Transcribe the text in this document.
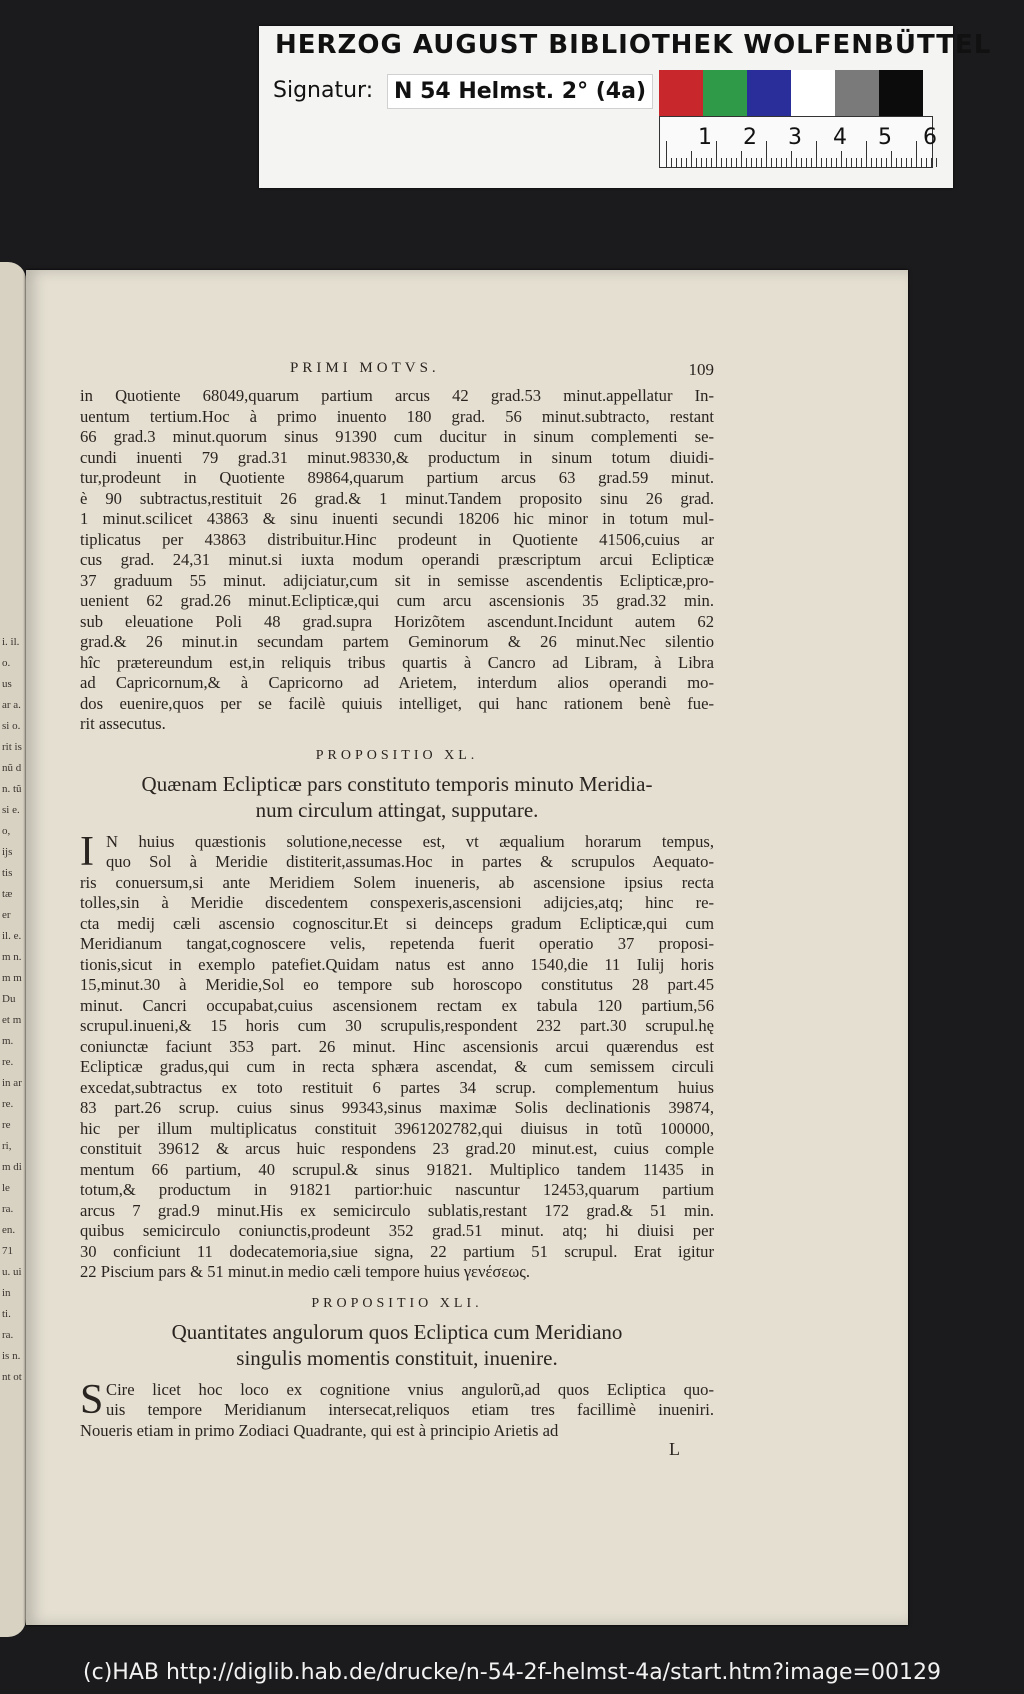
HERZOG AUGUST BIBLIOTHEK WOLFENBÜTTEL
Signatur: N 54 Helmst. 2° (4a)
1 2 3 4 5 6
i. il. o. us ar a. si o. rit is nũ d n. tũ si e. o, ijs tis tæ er il. e. m n. m m Du et m m. re. in ar re. re ri, m di le ra. en. 71 u. ui in ti. ra. is n. nt ot
PRIMI MOTVS.	109
in Quotiente 68049,quarum partium arcus 42 grad.53 minut.appellatur In-
uentum tertium.Hoc à primo inuento 180 grad. 56 minut.subtracto, restant
66 grad.3 minut.quorum sinus 91390 cum ducitur in sinum complementi se-
cundi inuenti 79 grad.31 minut.98330,& productum in sinum totum diuidi-
tur,prodeunt in Quotiente 89864,quarum partium arcus 63 grad.59 minut.
è 90 subtractus,restituit 26 grad.& 1 minut.Tandem proposito sinu 26 grad.
1 minut.scilicet 43863 & sinu inuenti secundi 18206 hic minor in totum mul-
tiplicatus per 43863 distribuitur.Hinc prodeunt in Quotiente 41506,cuius ar
cus grad. 24,31 minut.si iuxta modum operandi præscriptum arcui Eclipticæ
37 graduum 55 minut. adijciatur,cum sit in semisse ascendentis Eclipticæ,pro-
uenient 62 grad.26 minut.Eclipticæ,qui cum arcu ascensionis 35 grad.32 min.
sub eleuatione Poli 48 grad.supra Horizõtem ascendunt.Incidunt autem 62
grad.& 26 minut.in secundam partem Geminorum & 26 minut.Nec silentio
hîc prætereundum est,in reliquis tribus quartis à Cancro ad Libram, à Libra
ad Capricornum,& à Capricorno ad Arietem, interdum alios operandi mo-
dos euenire,quos per se facilè quiuis intelliget, qui hanc rationem benè fue-
rit assecutus.
PROPOSITIO XL.
Quænam Eclipticæ pars constituto temporis minuto Meridia-
num circulum attingat, supputare.
I N huius quæstionis solutione,necesse est, vt æqualium horarum tempus,
quo Sol à Meridie distiterit,assumas.Hoc in partes & scrupulos Aequato-
ris conuersum,si ante Meridiem Solem inueneris, ab ascensione ipsius recta
tolles,sin à Meridie discedentem conspexeris,ascensioni adijcies,atq; hinc re-
cta medij cæli ascensio cognoscitur.Et si deinceps gradum Eclipticæ,qui cum
Meridianum tangat,cognoscere velis, repetenda fuerit operatio 37 proposi-
tionis,sicut in exemplo patefiet.Quidam natus est anno 1540,die 11 Iulij horis
15,minut.30 à Meridie,Sol eo tempore sub horoscopo constitutus 28 part.45
minut. Cancri occupabat,cuius ascensionem rectam ex tabula 120 partium,56
scrupul.inueni,& 15 horis cum 30 scrupulis,respondent 232 part.30 scrupul.hę
coniunctæ faciunt 353 part. 26 minut. Hinc ascensionis arcui quærendus est
Eclipticæ gradus,qui cum in recta sphæra ascendat, & cum semissem circuli
excedat,subtractus ex toto restituit 6 partes 34 scrup. complementum huius
83 part.26 scrup. cuius sinus 99343,sinus maximæ Solis declinationis 39874,
hic per illum multiplicatus constituit 3961202782,qui diuisus in totũ 100000,
constituit 39612 & arcus huic respondens 23 grad.20 minut.est, cuius comple
mentum 66 partium, 40 scrupul.& sinus 91821. Multiplico tandem 11435 in
totum,& productum in 91821 partior:huic nascuntur 12453,quarum partium
arcus 7 grad.9 minut.His ex semicirculo sublatis,restant 172 grad.& 51 min.
quibus semicirculo coniunctis,prodeunt 352 grad.51 minut. atq; hi diuisi per
30 conficiunt 11 dodecatemoria,siue signa, 22 partium 51 scrupul. Erat igitur
22 Piscium pars & 51 minut.in medio cæli tempore huius γενέσεως.
PROPOSITIO XLI.
Quantitates angulorum quos Ecliptica cum Meridiano
singulis momentis constituit, inuenire.
S Cire licet hoc loco ex cognitione vnius angulorũ,ad quos Ecliptica quo-
uis tempore Meridianum intersecat,reliquos etiam tres facillimè inueniri.
Noueris etiam in primo Zodiaci Quadrante, qui est à principio Arietis ad
L
(c)HAB http://diglib.hab.de/drucke/n-54-2f-helmst-4a/start.htm?image=00129
